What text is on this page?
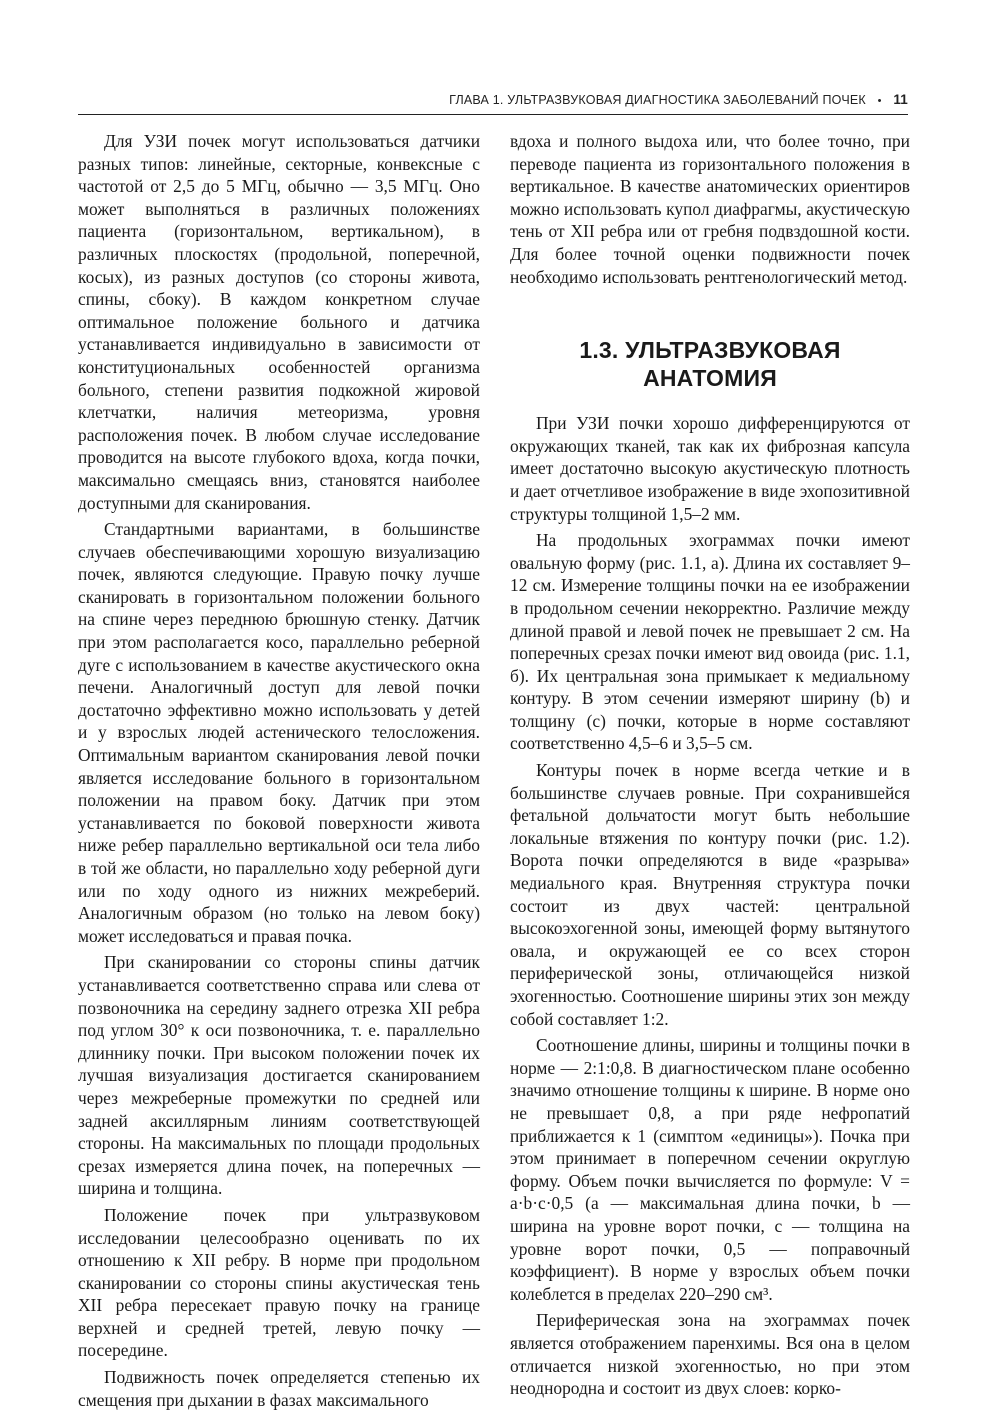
ГЛАВА 1. УЛЬТРАЗВУКОВАЯ ДИАГНОСТИКА ЗАБОЛЕВАНИЙ ПОЧЕК • 11

Для УЗИ почек могут использоваться датчики разных типов: линейные, секторные, конвексные с частотой от 2,5 до 5 МГц, обычно — 3,5 МГц. Оно может выполняться в различных положениях пациента (горизонтальном, вертикальном), в различных плоскостях (продольной, поперечной, косых), из разных доступов (со стороны живота, спины, сбоку). В каждом конкретном случае оптимальное положение больного и датчика устанавливается индивидуально в зависимости от конституциональных особенностей организма больного, степени развития подкожной жировой клетчатки, наличия метеоризма, уровня расположения почек. В любом случае исследование проводится на высоте глубокого вдоха, когда почки, максимально смещаясь вниз, становятся наиболее доступными для сканирования.

Стандартными вариантами, в большинстве случаев обеспечивающими хорошую визуализацию почек, являются следующие. Правую почку лучше сканировать в горизонтальном положении больного на спине через переднюю брюшную стенку. Датчик при этом располагается косо, параллельно реберной дуге с использованием в качестве акустического окна печени. Аналогичный доступ для левой почки достаточно эффективно можно использовать у детей и у взрослых людей астенического телосложения. Оптимальным вариантом сканирования левой почки является исследование больного в горизонтальном положении на правом боку. Датчик при этом устанавливается по боковой поверхности живота ниже ребер параллельно вертикальной оси тела либо в той же области, но параллельно ходу реберной дуги или по ходу одного из нижних межреберий. Аналогичным образом (но только на левом боку) может исследоваться и правая почка.

При сканировании со стороны спины датчик устанавливается соответственно справа или слева от позвоночника на середину заднего отрезка XII ребра под углом 30° к оси позвоночника, т. е. параллельно длиннику почки. При высоком положении почек их лучшая визуализация достигается сканированием через межреберные промежутки по средней или задней аксиллярным линиям соответствующей стороны. На максимальных по площади продольных срезах измеряется длина почек, на поперечных — ширина и толщина.

Положение почек при ультразвуковом исследовании целесообразно оценивать по их отношению к XII ребру. В норме при продольном сканировании со стороны спины акустическая тень XII ребра пересекает правую почку на границе верхней и средней третей, левую почку — посередине.

Подвижность почек определяется степенью их смещения при дыхании в фазах максимального

вдоха и полного выдоха или, что более точно, при переводе пациента из горизонтального положения в вертикальное. В качестве анатомических ориентиров можно использовать купол диафрагмы, акустическую тень от XII ребра или от гребня подвздошной кости. Для более точной оценки подвижности почек необходимо использовать рентгенологический метод.

1.3. УЛЬТРАЗВУКОВАЯ АНАТОМИЯ

При УЗИ почки хорошо дифференцируются от окружающих тканей, так как их фиброзная капсула имеет достаточно высокую акустическую плотность и дает отчетливое изображение в виде эхопозитивной структуры толщиной 1,5–2 мм.

На продольных эхограммах почки имеют овальную форму (рис. 1.1, а). Длина их составляет 9–12 см. Измерение толщины почки на ее изображении в продольном сечении некорректно. Различие между длиной правой и левой почек не превышает 2 см. На поперечных срезах почки имеют вид овоида (рис. 1.1, б). Их центральная зона примыкает к медиальному контуру. В этом сечении измеряют ширину (b) и толщину (c) почки, которые в норме составляют соответственно 4,5–6 и 3,5–5 см.

Контуры почек в норме всегда четкие и в большинстве случаев ровные. При сохранившейся фетальной дольчатости могут быть небольшие локальные втяжения по контуру почки (рис. 1.2). Ворота почки определяются в виде «разрыва» медиального края. Внутренняя структура почки состоит из двух частей: центральной высокоэхогенной зоны, имеющей форму вытянутого овала, и окружающей ее со всех сторон периферической зоны, отличающейся низкой эхогенностью. Соотношение ширины этих зон между собой составляет 1:2.

Соотношение длины, ширины и толщины почки в норме — 2:1:0,8. В диагностическом плане особенно значимо отношение толщины к ширине. В норме оно не превышает 0,8, а при ряде нефропатий приближается к 1 (симптом «единицы»). Почка при этом принимает в поперечном сечении округлую форму. Объем почки вычисляется по формуле: V = a·b·c·0,5 (a — максимальная длина почки, b — ширина на уровне ворот почки, c — толщина на уровне ворот почки, 0,5 — поправочный коэффициент). В норме у взрослых объем почки колеблется в пределах 220–290 см³.

Периферическая зона на эхограммах почек является отображением паренхимы. Вся она в целом отличается низкой эхогенностью, но при этом неоднородна и состоит из двух слоев: корко-
